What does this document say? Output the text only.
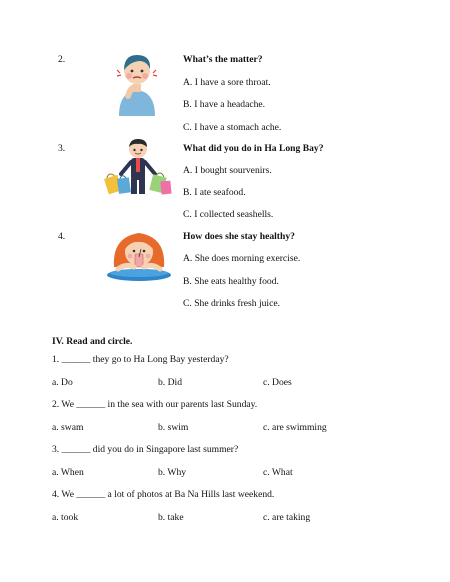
2.	What’s the matter?
A. I have a sore throat.
B. I have a headache.
C. I have a stomach ache.
3.	What did you do in Ha Long Bay?
A. I bought sourvenirs.
B. I ate seafood.
C. I collected seashells.
4.	How does she stay healthy?
A. She does morning exercise.
B. She eats healthy food.
C. She drinks fresh juice.
IV. Read and circle.
1. ______ they go to Ha Long Bay yesterday?
a. Do	b. Did	c. Does
2. We ______ in the sea with our parents last Sunday.
a. swam	b. swim	c. are swimming
3. ______ did you do in Singapore last summer?
a. When	b. Why	c. What
4. We ______ a lot of photos at Ba Na Hills last weekend.
a. took	b. take	c. are taking
